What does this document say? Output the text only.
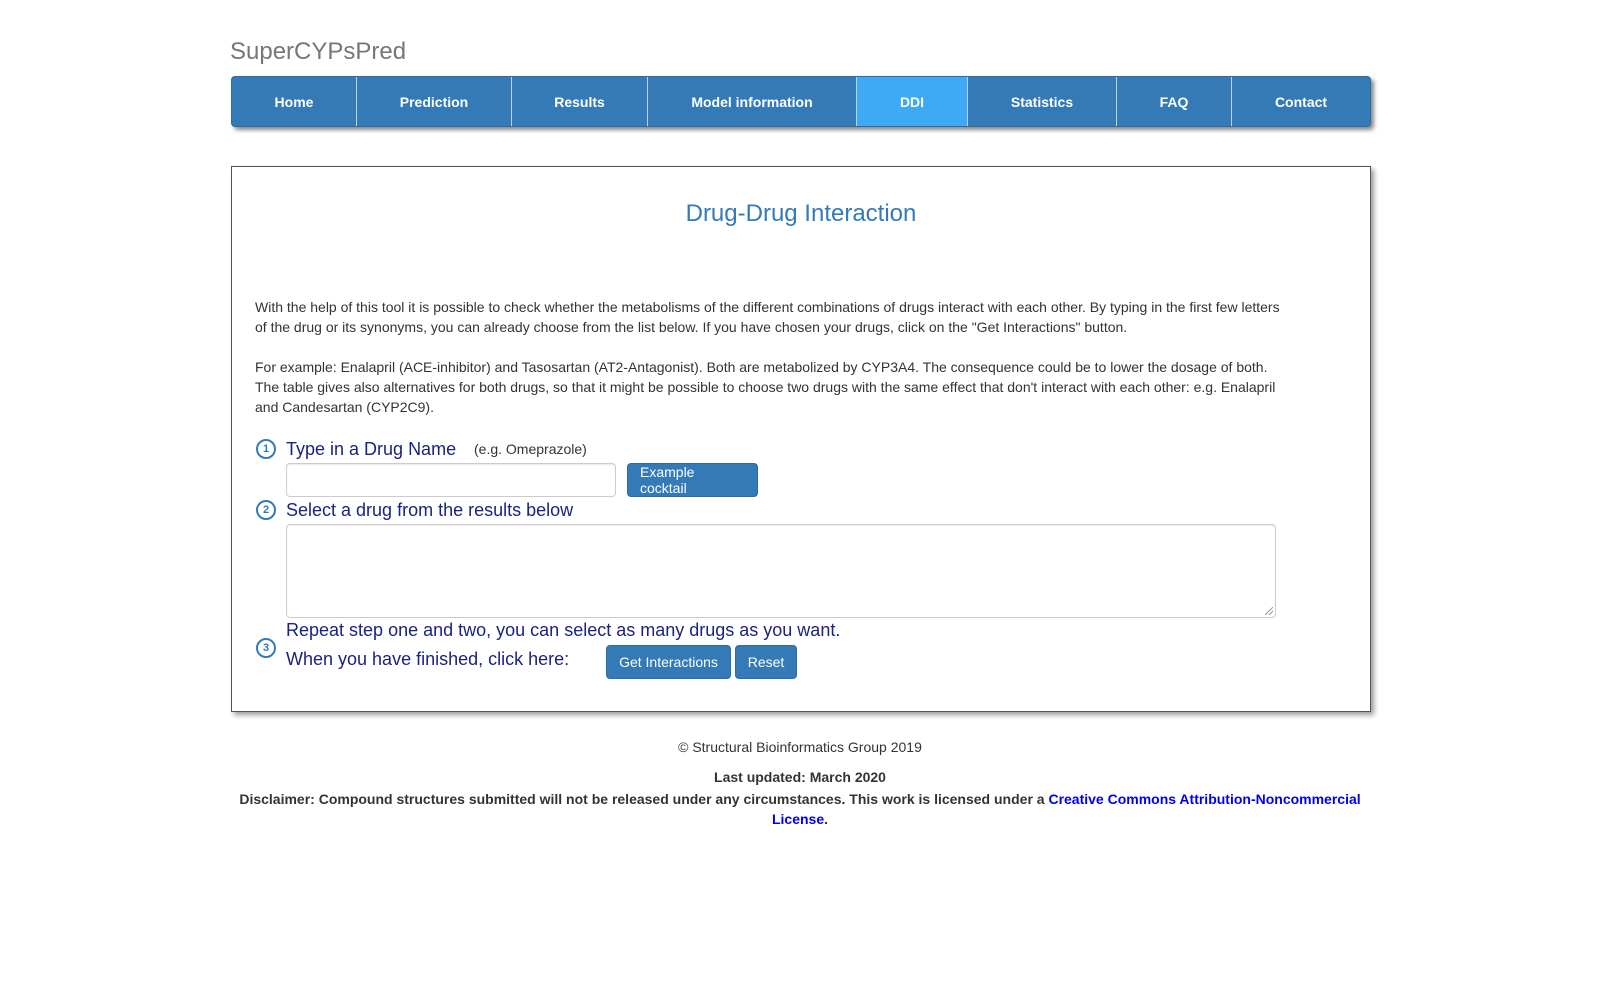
SuperCYPsPred
Home	Prediction	Results	Model information	DDI	Statistics	FAQ	Contact
Drug-Drug Interaction

With the help of this tool it is possible to check whether the metabolisms of the different combinations of drugs interact with each other. By typing in the first few letters of the drug or its synonyms, you can already choose from the list below. If you have chosen your drugs, click on the "Get Interactions" button.

For example: Enalapril (ACE-inhibitor) and Tasosartan (AT2-Antagonist). Both are metabolized by CYP3A4. The consequence could be to lower the dosage of both. The table gives also alternatives for both drugs, so that it might be possible to choose two drugs with the same effect that don't interact with each other: e.g. Enalapril and Candesartan (CYP2C9).

1 Type in a Drug Name (e.g. Omeprazole)
Example cocktail
2 Select a drug from the results below
3
Repeat step one and two, you can select as many drugs as you want.
When you have finished, click here:	Get Interactions	Reset
© Structural Bioinformatics Group 2019
Last updated: March 2020
Disclaimer: Compound structures submitted will not be released under any circumstances. This work is licensed under a Creative Commons Attribution-Noncommercial License.
